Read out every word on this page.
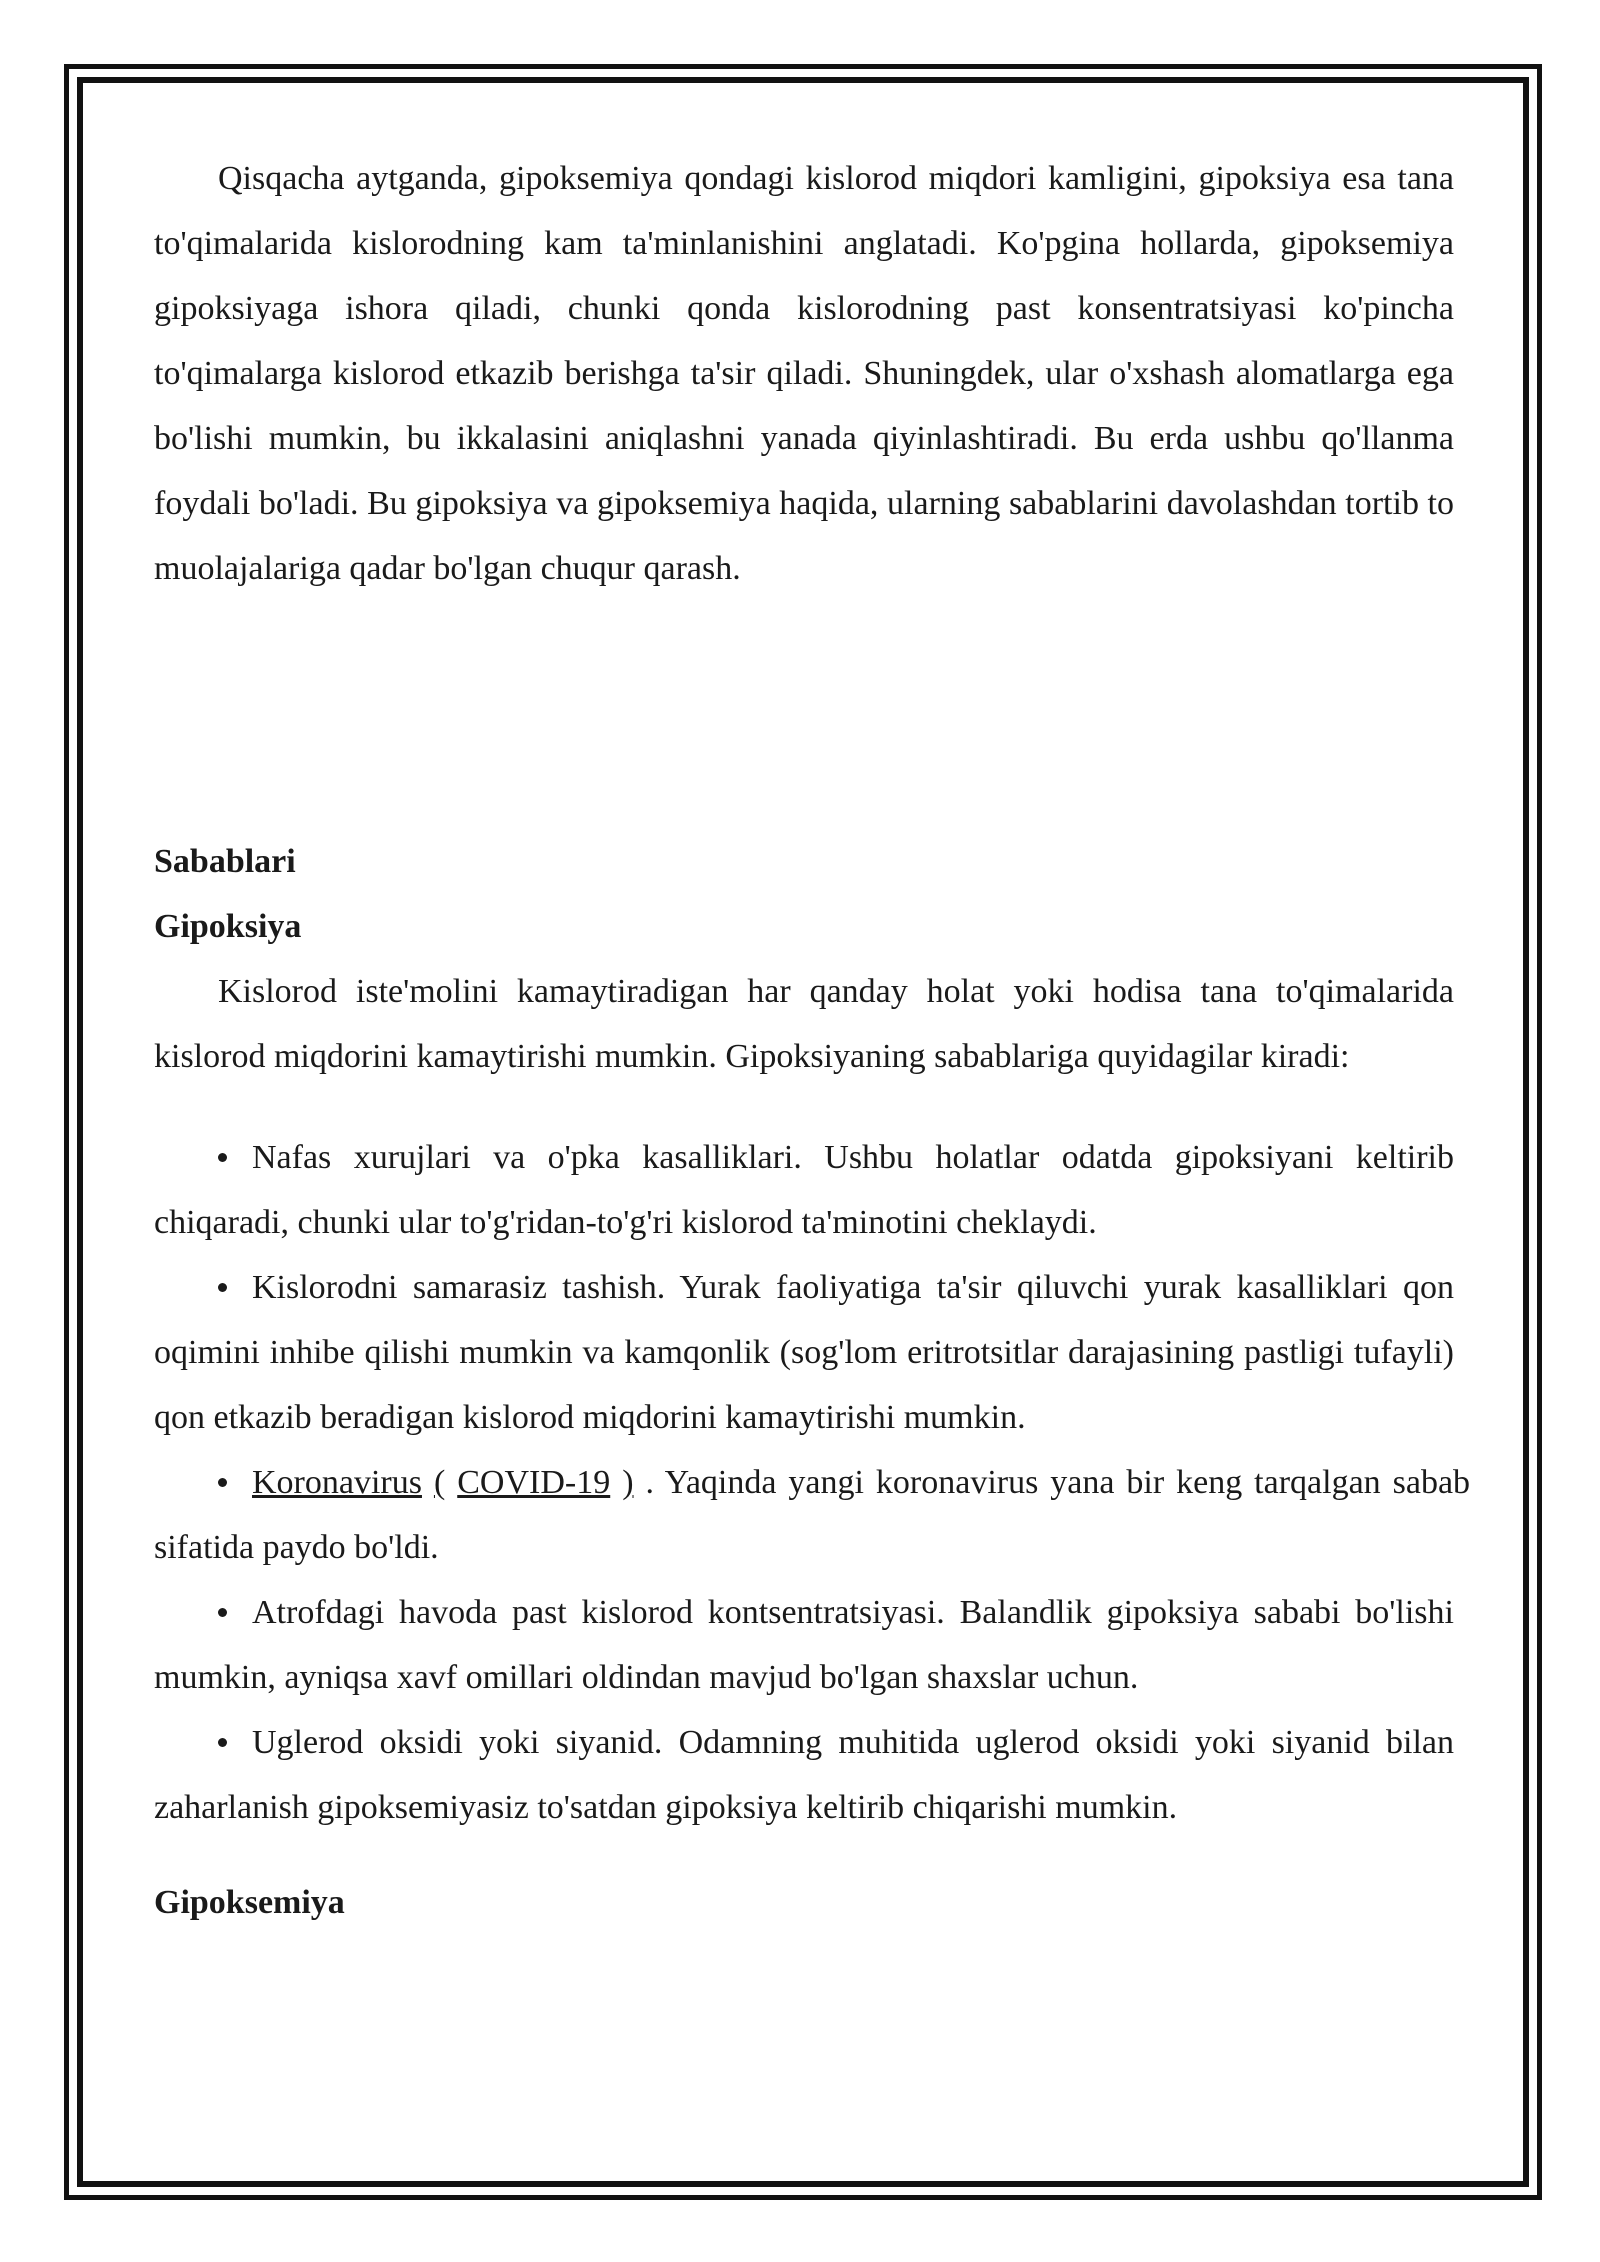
Qisqacha aytganda, gipoksemiya qondagi kislorod miqdori kamligini, gipoksiya esa tana to'qimalarida kislorodning kam ta'minlanishini anglatadi. Ko'pgina hollarda, gipoksemiya gipoksiyaga ishora qiladi, chunki qonda kislorodning past konsentratsiyasi ko'pincha to'qimalarga kislorod etkazib berishga ta'sir qiladi. Shuningdek, ular o'xshash alomatlarga ega bo'lishi mumkin, bu ikkalasini aniqlashni yanada qiyinlashtiradi. Bu erda ushbu qo'llanma foydali bo'ladi. Bu gipoksiya va gipoksemiya haqida, ularning sabablarini davolashdan tortib to muolajalariga qadar bo'lgan chuqur qarash.

Sabablari
Gipoksiya

Kislorod iste'molini kamaytiradigan har qanday holat yoki hodisa tana to'qimalarida kislorod miqdorini kamaytirishi mumkin. Gipoksiyaning sabablariga quyidagilar kiradi:

Nafas xurujlari va o'pka kasalliklari. Ushbu holatlar odatda gipoksiyani keltirib chiqaradi, chunki ular to'g'ridan-to'g'ri kislorod ta'minotini cheklaydi.

Kislorodni samarasiz tashish. Yurak faoliyatiga ta'sir qiluvchi yurak kasalliklari qon oqimini inhibe qilishi mumkin va kamqonlik (sog'lom eritrotsitlar darajasining pastligi tufayli) qon etkazib beradigan kislorod miqdorini kamaytirishi mumkin.

Koronavirus ( COVID-19 ) . Yaqinda yangi koronavirus yana bir keng tarqalgan sabab sifatida paydo bo'ldi.

Atrofdagi havoda past kislorod kontsentratsiyasi. Balandlik gipoksiya sababi bo'lishi mumkin, ayniqsa xavf omillari oldindan mavjud bo'lgan shaxslar uchun.

Uglerod oksidi yoki siyanid. Odamning muhitida uglerod oksidi yoki siyanid bilan zaharlanish gipoksemiyasiz to'satdan gipoksiya keltirib chiqarishi mumkin.

Gipoksemiya
